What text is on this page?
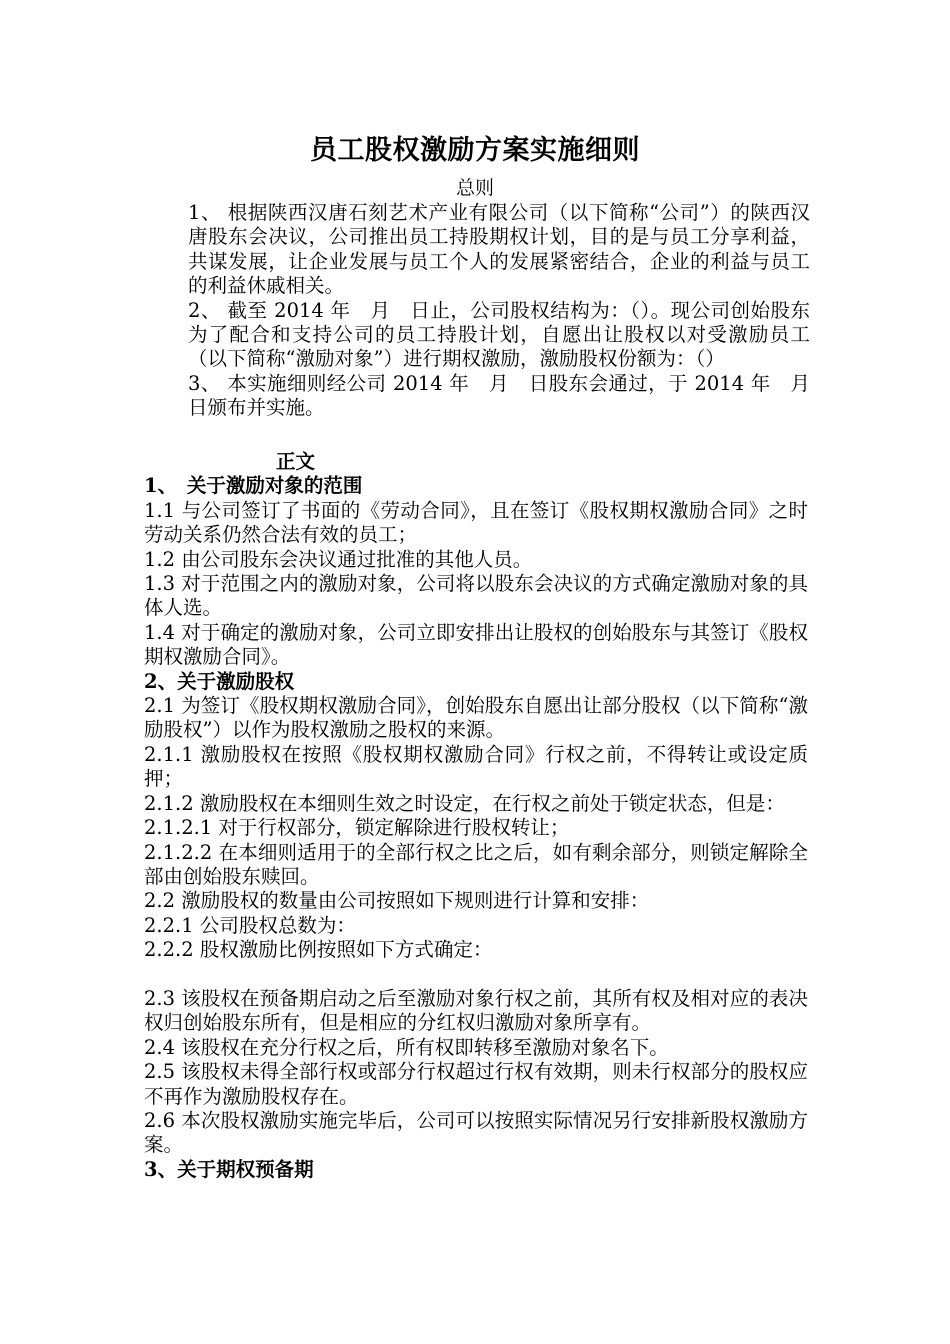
员工股权激励方案实施细则
总则

1、 根据陕西汉唐石刻艺术产业有限公司（以下简称“公司”）的陕西汉唐股东会决议，公司推出员工持股期权计划，目的是与员工分享利益，共谋发展，让企业发展与员工个人的发展紧密结合，企业的利益与员工的利益休戚相关。

2、 截至 2014 年　月　日止，公司股权结构为：（）。现公司创始股东为了配合和支持公司的员工持股计划，自愿出让股权以对受激励员工（以下简称“激励对象”）进行期权激励，激励股权份额为：（）

3、 本实施细则经公司 2014 年　月　日股东会通过，于 2014 年　月　日颁布并实施。

正文

1、　关于激励对象的范围

1.1 与公司签订了书面的《劳动合同》，且在签订《股权期权激励合同》之时劳动关系仍然合法有效的员工；

1.2 由公司股东会决议通过批准的其他人员。

1.3 对于范围之内的激励对象，公司将以股东会决议的方式确定激励对象的具体人选。

1.4 对于确定的激励对象，公司立即安排出让股权的创始股东与其签订《股权期权激励合同》。

2、关于激励股权

2.1 为签订《股权期权激励合同》，创始股东自愿出让部分股权（以下简称“激励股权”）以作为股权激励之股权的来源。

2.1.1 激励股权在按照《股权期权激励合同》行权之前，不得转让或设定质押；

2.1.2 激励股权在本细则生效之时设定，在行权之前处于锁定状态，但是：

2.1.2.1 对于行权部分，锁定解除进行股权转让；

2.1.2.2 在本细则适用于的全部行权之比之后，如有剩余部分，则锁定解除全部由创始股东赎回。

2.2 激励股权的数量由公司按照如下规则进行计算和安排：

2.2.1 公司股权总数为：

2.2.2 股权激励比例按照如下方式确定：

2.3 该股权在预备期启动之后至激励对象行权之前，其所有权及相对应的表决权归创始股东所有，但是相应的分红权归激励对象所享有。

2.4 该股权在充分行权之后，所有权即转移至激励对象名下。

2.5 该股权未得全部行权或部分行权超过行权有效期，则未行权部分的股权应不再作为激励股权存在。

2.6 本次股权激励实施完毕后，公司可以按照实际情况另行安排新股权激励方案。

3、关于期权预备期
